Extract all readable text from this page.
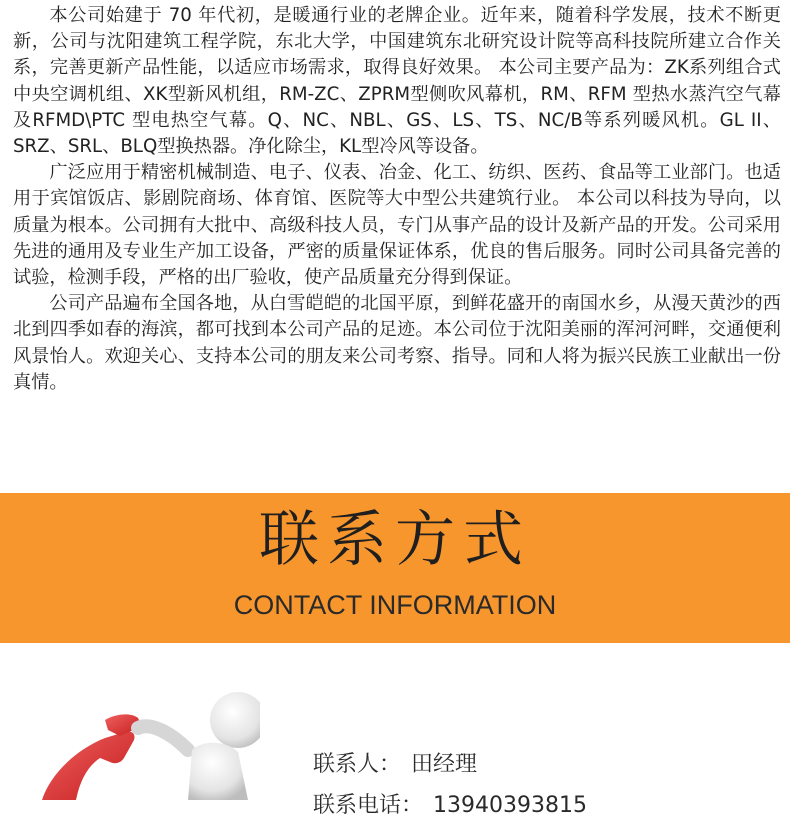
本公司始建于 70 年代初，是暖通行业的老牌企业。近年来，随着科学发展，技术不断更新，公司与沈阳建筑工程学院，东北大学，中国建筑东北研究设计院等高科技院所建立合作关系，完善更新产品性能，以适应市场需求，取得良好效果。 本公司主要产品为：ZK系列组合式中央空调机组、XK型新风机组，RM-ZC、ZPRM型侧吹风幕机，RM、RFM 型热水蒸汽空气幕及RFMD\PTC 型电热空气幕。Q、NC、NBL、GS、LS、TS、NC/B等系列暖风机。GL II、SRZ、SRL、BLQ型换热器。净化除尘，KL型冷风等设备。

广泛应用于精密机械制造、电子、仪表、冶金、化工、纺织、医药、食品等工业部门。也适用于宾馆饭店、影剧院商场、体育馆、医院等大中型公共建筑行业。 本公司以科技为导向，以质量为根本。公司拥有大批中、高级科技人员，专门从事产品的设计及新产品的开发。公司采用先进的通用及专业生产加工设备，严密的质量保证体系，优良的售后服务。同时公司具备完善的试验，检测手段，严格的出厂验收，使产品质量充分得到保证。

公司产品遍布全国各地，从白雪皑皑的北国平原，到鲜花盛开的南国水乡，从漫天黄沙的西北到四季如春的海滨，都可找到本公司产品的足迹。本公司位于沈阳美丽的浑河河畔，交通便利风景怡人。欢迎关心、支持本公司的朋友来公司考察、指导。同和人将为振兴民族工业献出一份真情。

联系方式
CONTACT INFORMATION
联系人： 田经理
联系电话： 13940393815
